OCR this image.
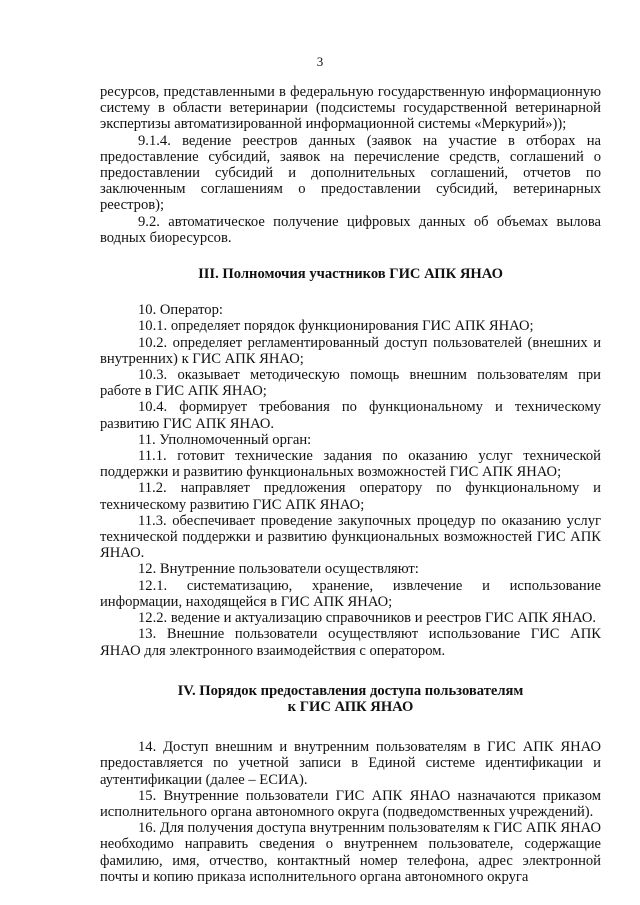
3

ресурсов, представленными в федеральную государственную информационную систему в области ветеринарии (подсистемы государственной ветеринарной экспертизы автоматизированной информационной системы «Меркурий»));

9.1.4. ведение реестров данных (заявок на участие в отборах на предоставление субсидий, заявок на перечисление средств, соглашений о предоставлении субсидий и дополнительных соглашений, отчетов по заключенным соглашениям о предоставлении субсидий, ветеринарных реестров);

9.2. автоматическое получение цифровых данных об объемах вылова водных биоресурсов.

III. Полномочия участников ГИС АПК ЯНАО

10. Оператор:

10.1. определяет порядок функционирования ГИС АПК ЯНАО;

10.2. определяет регламентированный доступ пользователей (внешних и внутренних) к ГИС АПК ЯНАО;

10.3. оказывает методическую помощь внешним пользователям при работе в ГИС АПК ЯНАО;

10.4. формирует требования по функциональному и техническому развитию ГИС АПК ЯНАО.

11. Уполномоченный орган:

11.1. готовит технические задания по оказанию услуг технической поддержки и развитию функциональных возможностей ГИС АПК ЯНАО;

11.2. направляет предложения оператору по функциональному и техническому развитию ГИС АПК ЯНАО;

11.3. обеспечивает проведение закупочных процедур по оказанию услуг технической поддержки и развитию функциональных возможностей ГИС АПК ЯНАО.

12. Внутренние пользователи осуществляют:

12.1. систематизацию, хранение, извлечение и использование информации, находящейся в ГИС АПК ЯНАО;

12.2. ведение и актуализацию справочников и реестров ГИС АПК ЯНАО.

13. Внешние пользователи осуществляют использование ГИС АПК ЯНАО для электронного взаимодействия с оператором.

IV. Порядок предоставления доступа пользователям

к ГИС АПК ЯНАО

14. Доступ внешним и внутренним пользователям в ГИС АПК ЯНАО предоставляется по учетной записи в Единой системе идентификации и аутентификации (далее – ЕСИА).

15. Внутренние пользователи ГИС АПК ЯНАО назначаются приказом исполнительного органа автономного округа (подведомственных учреждений).

16. Для получения доступа внутренним пользователям к ГИС АПК ЯНАО необходимо направить сведения о внутреннем пользователе, содержащие фамилию, имя, отчество, контактный номер телефона, адрес электронной почты и копию приказа исполнительного органа автономного округа
